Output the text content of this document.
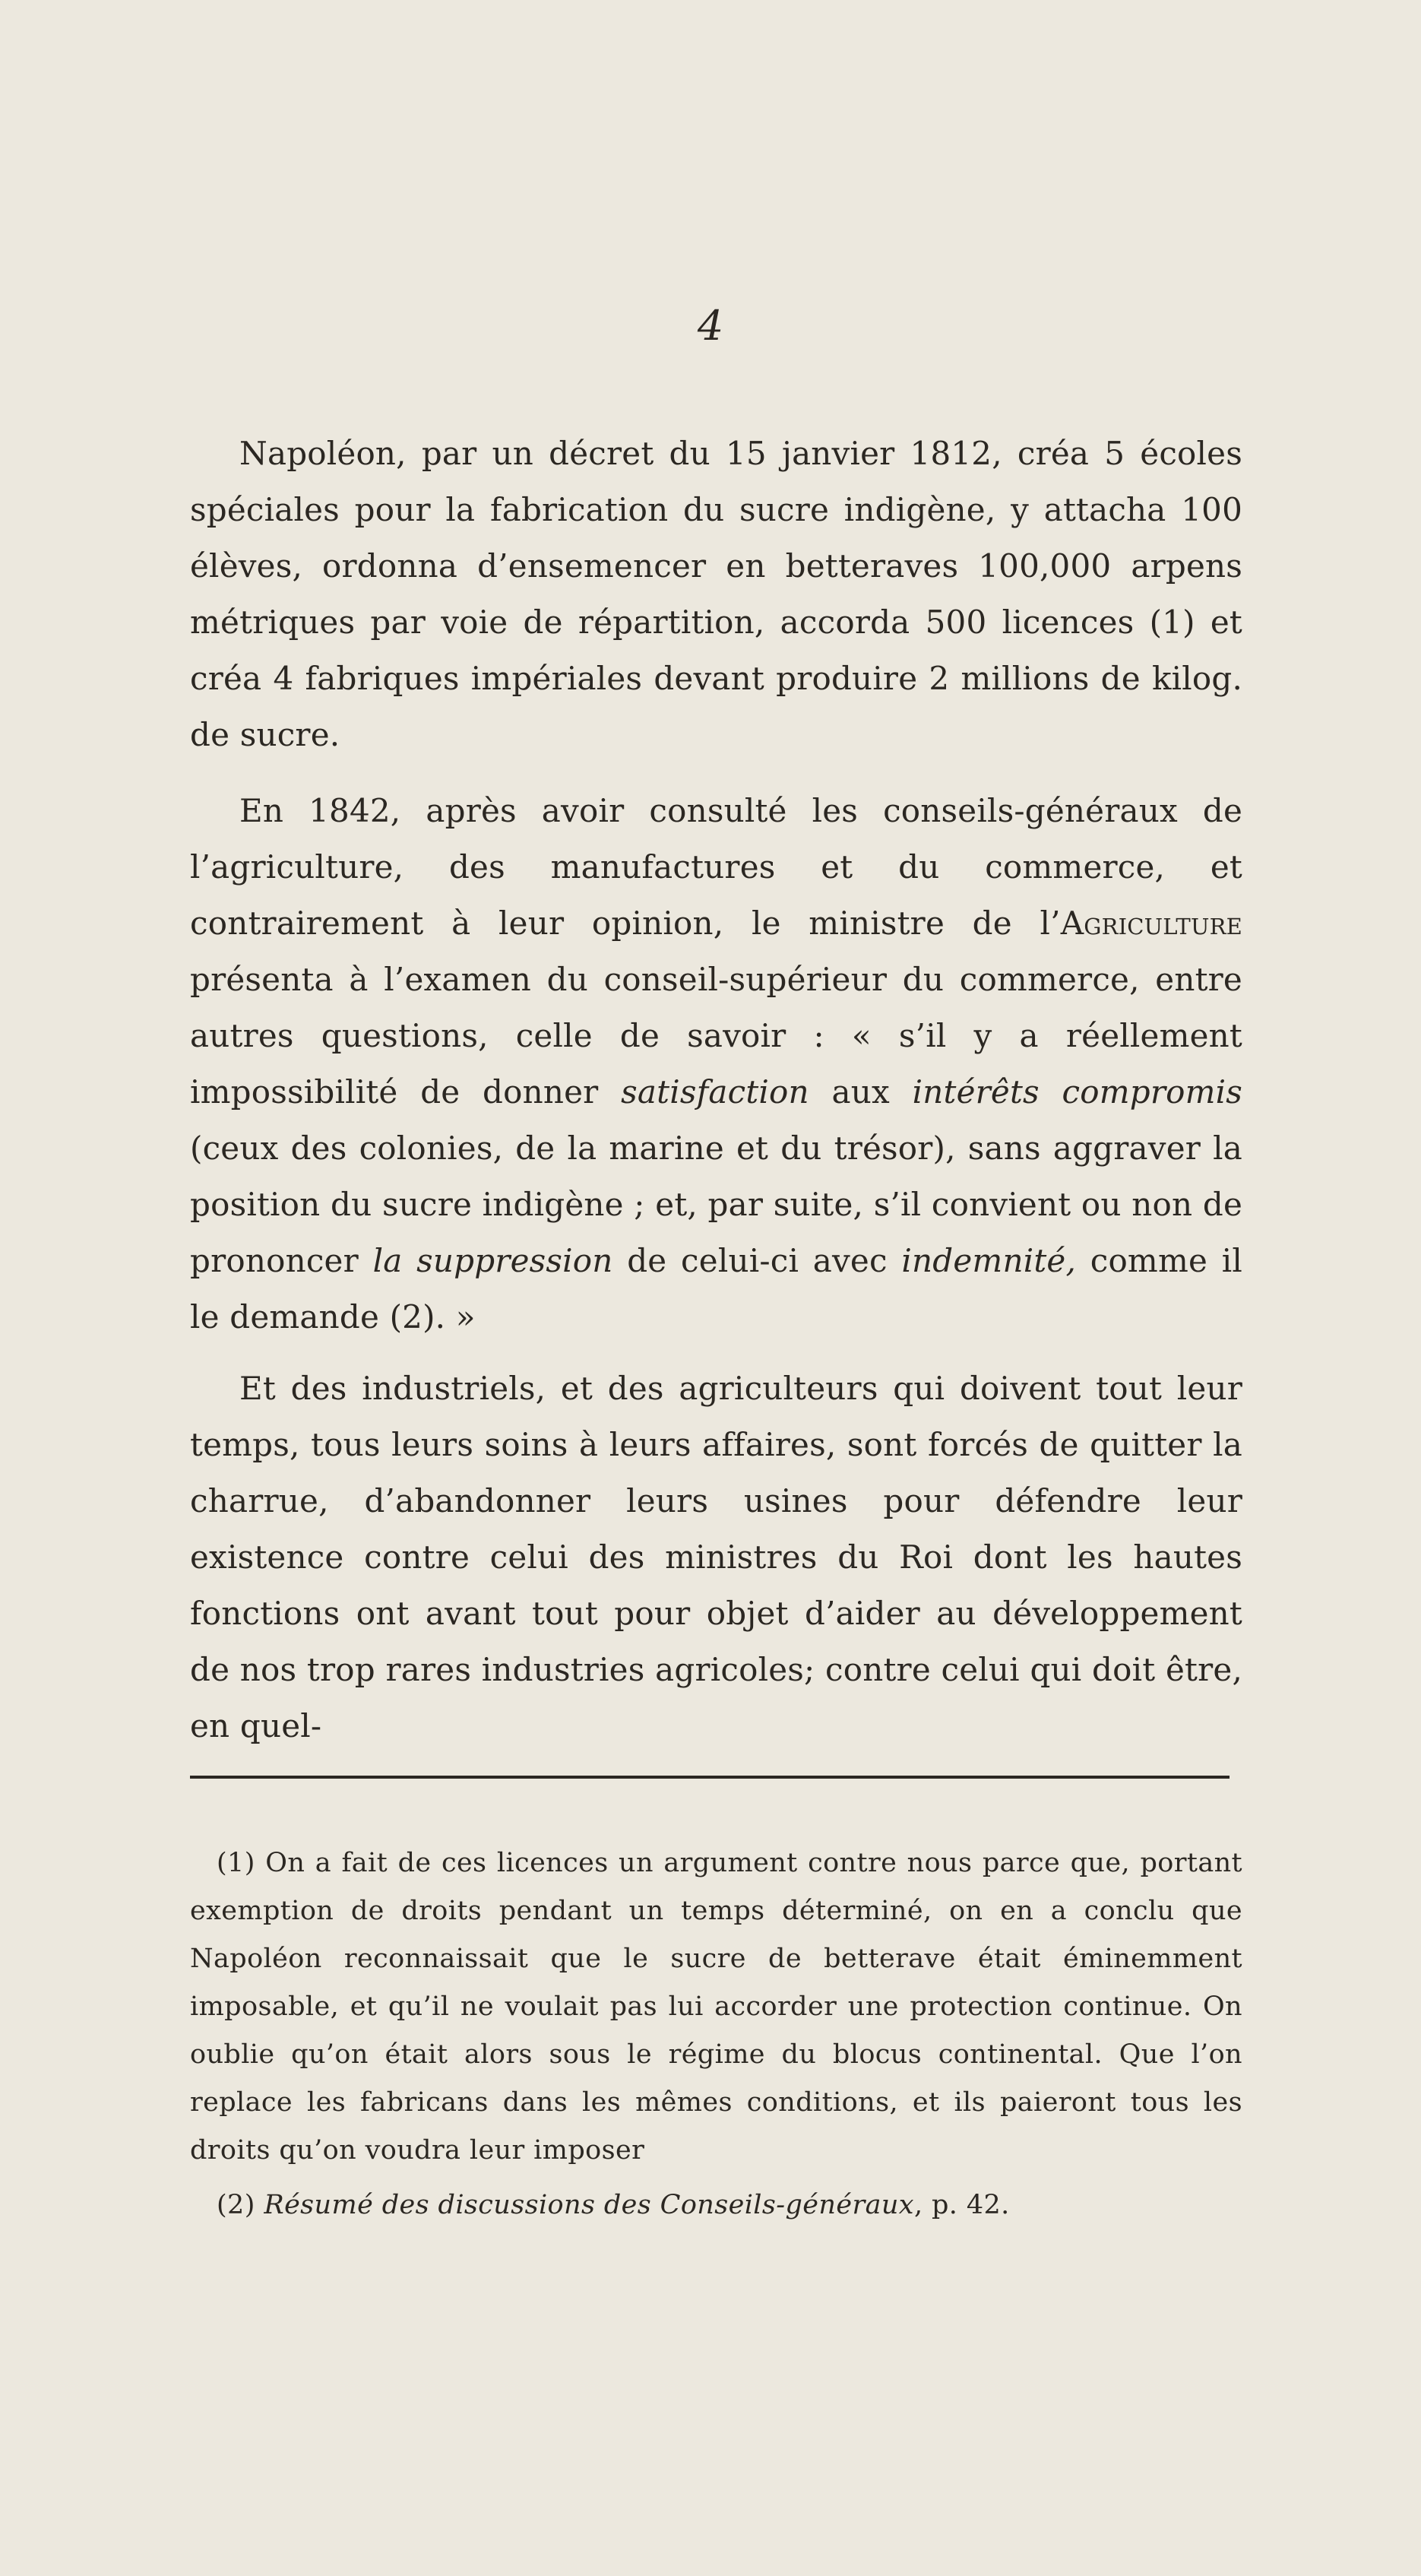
4

Napoléon, par un décret du 15 janvier 1812, créa 5 écoles spéciales pour la fabrication du sucre indigène, y attacha 100 élèves, ordonna d’ensemencer en betteraves 100,000 arpens métriques par voie de répartition, accorda 500 licences (1) et créa 4 fabriques impériales devant produire 2 millions de kilog. de sucre.

En 1842, après avoir consulté les conseils-généraux de l’agriculture, des manufactures et du commerce, et contrairement à leur opinion, le ministre de l’Agriculture présenta à l’examen du conseil-supérieur du commerce, entre autres questions, celle de savoir : « s’il y a réellement impossibilité de donner satisfaction aux intérêts compromis (ceux des colonies, de la marine et du trésor), sans aggraver la position du sucre indigène ; et, par suite, s’il convient ou non de prononcer la suppression de celui-ci avec indemnité, comme il le demande (2). »

Et des industriels, et des agriculteurs qui doivent tout leur temps, tous leurs soins à leurs affaires, sont forcés de quitter la charrue, d’abandonner leurs usines pour défendre leur existence contre celui des ministres du Roi dont les hautes fonctions ont avant tout pour objet d’aider au développement de nos trop rares industries agricoles; contre celui qui doit être, en quel-

(1) On a fait de ces licences un argument contre nous parce que, portant exemption de droits pendant un temps déterminé, on en a conclu que Napoléon reconnaissait que le sucre de betterave était éminemment imposable, et qu’il ne voulait pas lui accorder une protection continue. On oublie qu’on était alors sous le régime du blocus continental. Que l’on replace les fabricans dans les mêmes conditions, et ils paieront tous les droits qu’on voudra leur imposer

(2) Résumé des discussions des Conseils-généraux, p. 42.
